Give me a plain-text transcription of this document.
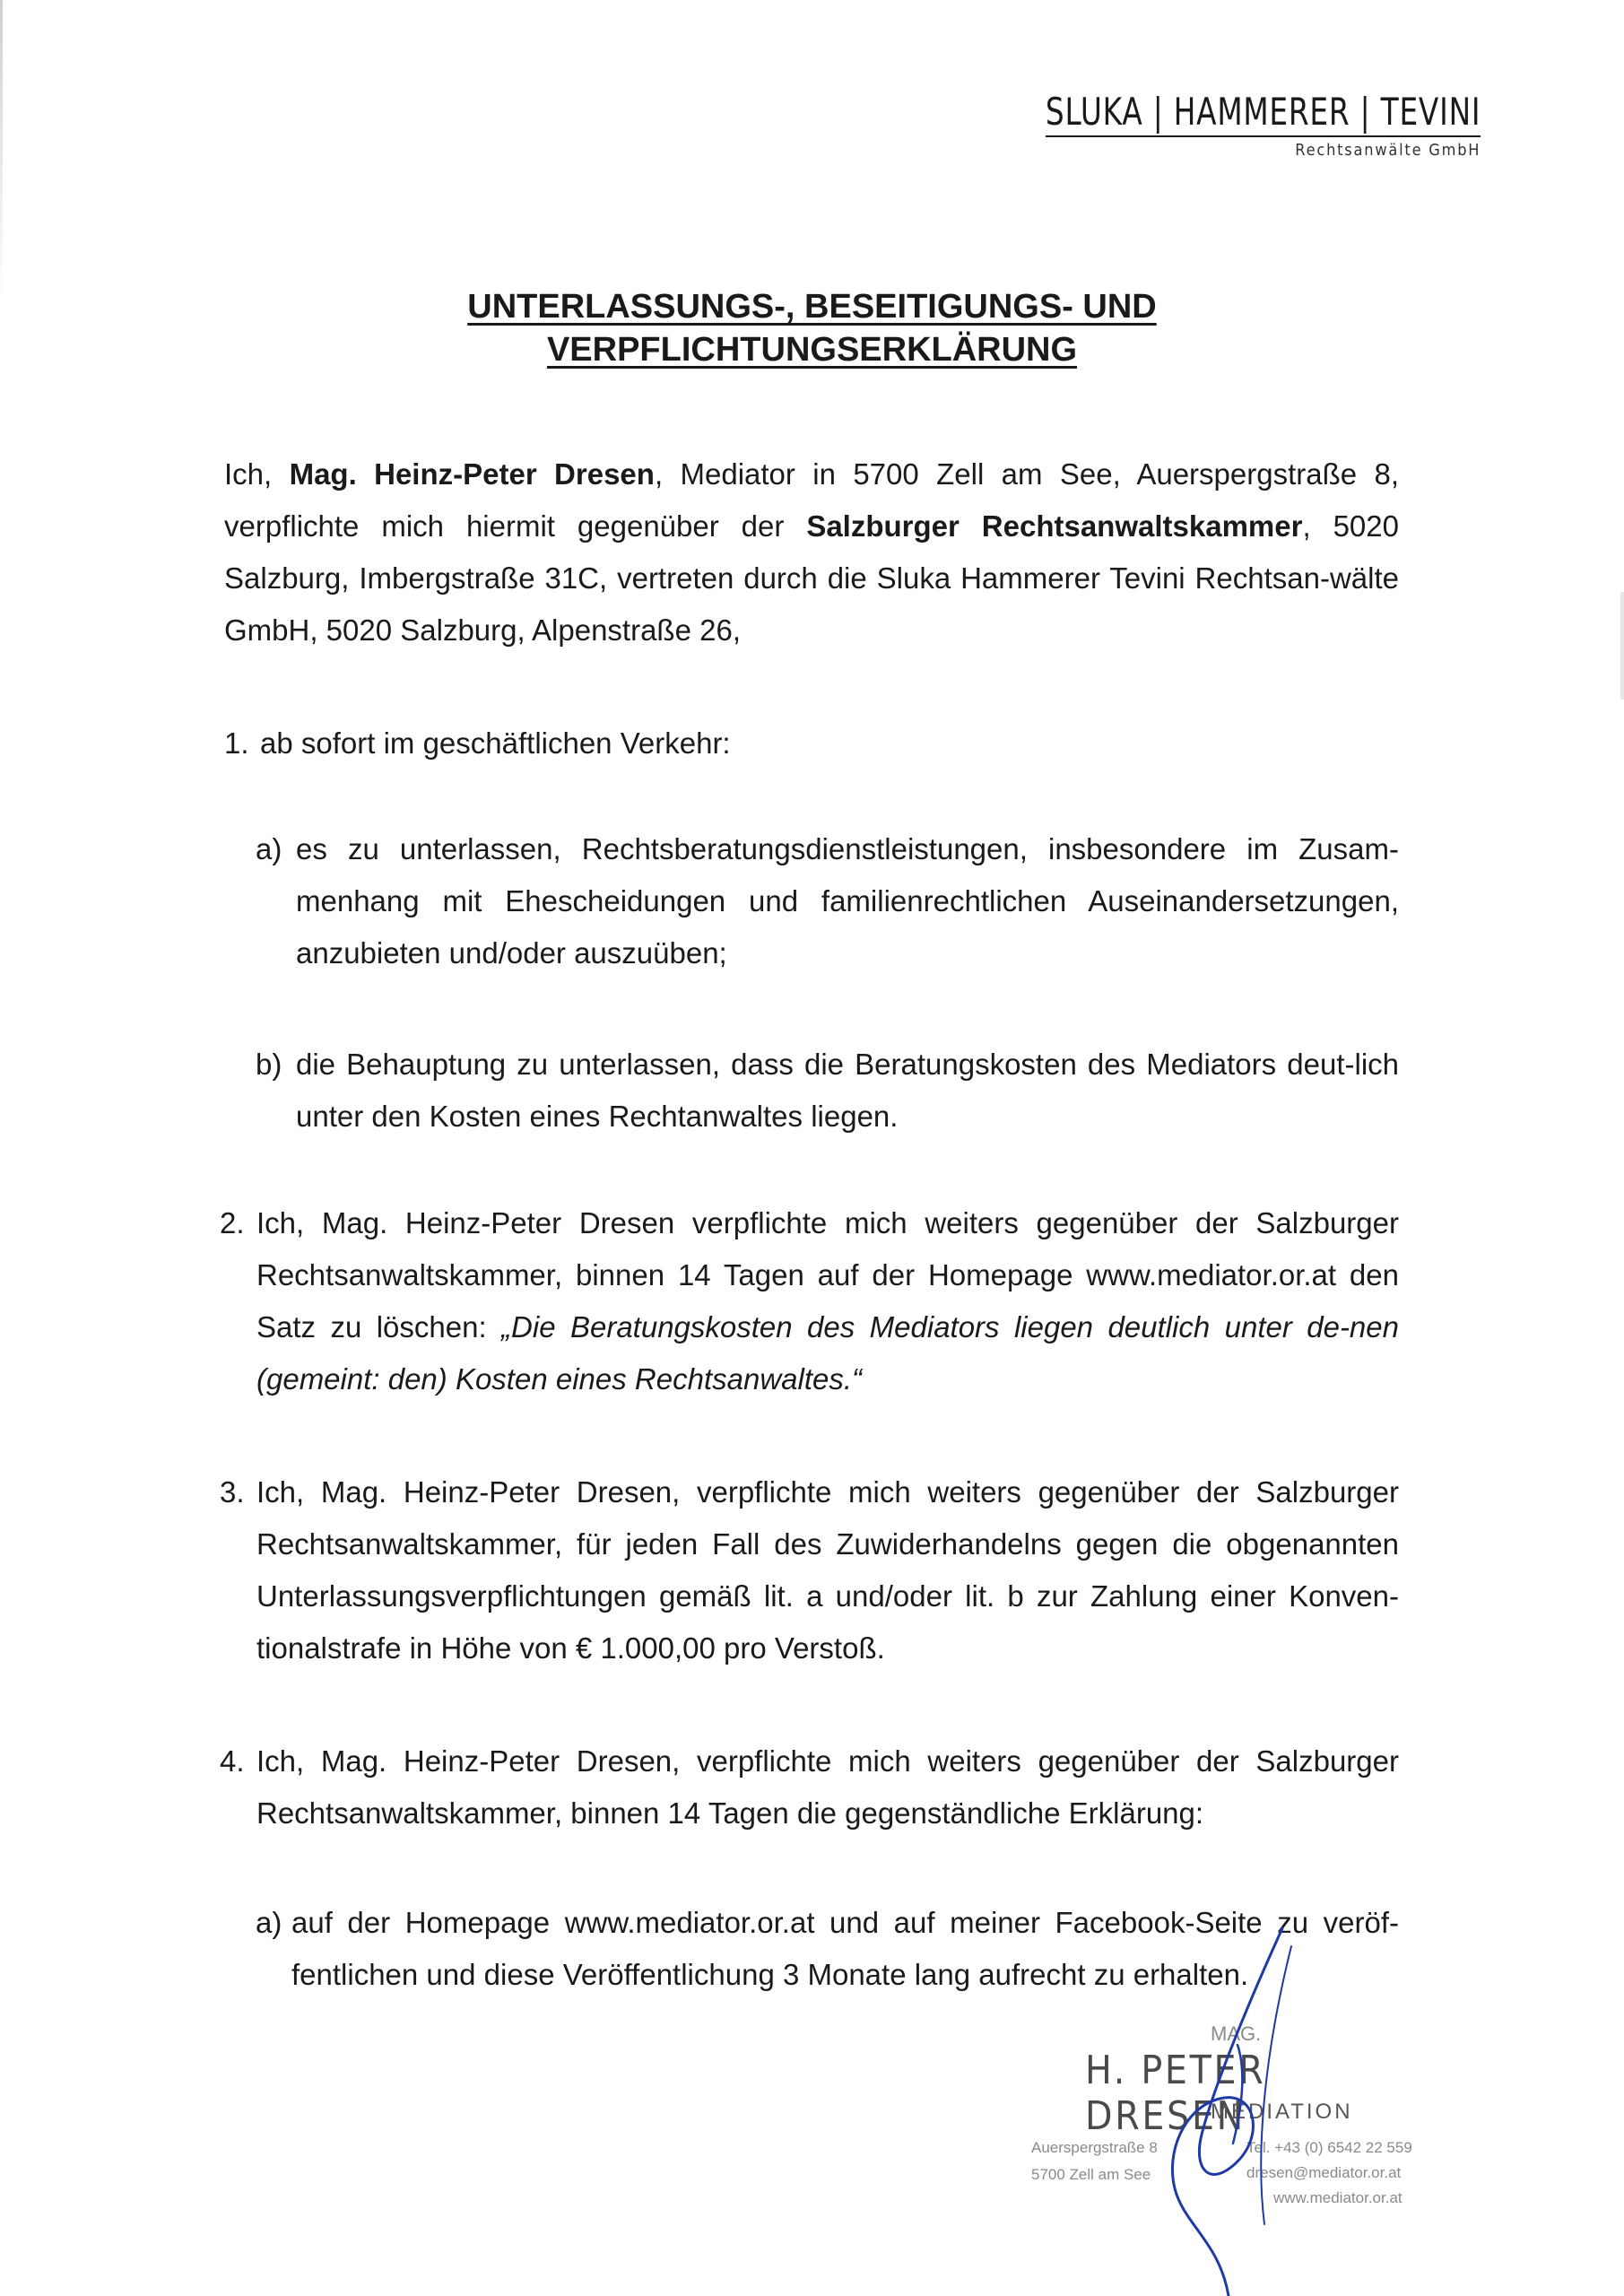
SLUKA | HAMMERER | TEVINI
Rechtsanwälte GmbH
UNTERLASSUNGS-, BESEITIGUNGS- UND
VERPFLICHTUNGSERKLÄRUNG
Ich, Mag. Heinz-Peter Dresen, Mediator in 5700 Zell am See, Auerspergstraße 8, verpflichte mich hiermit gegenüber der Salzburger Rechtsanwaltskammer, 5020 Salzburg, Imbergstraße 31C, vertreten durch die Sluka Hammerer Tevini Rechtsan-wälte GmbH, 5020 Salzburg, Alpenstraße 26,
1. ab sofort im geschäftlichen Verkehr:
a) es zu unterlassen, Rechtsberatungsdienstleistungen, insbesondere im Zusam-menhang mit Ehescheidungen und familienrechtlichen Auseinandersetzungen, anzubieten und/oder auszuüben;
b) die Behauptung zu unterlassen, dass die Beratungskosten des Mediators deut-lich unter den Kosten eines Rechtanwaltes liegen.
2. Ich, Mag. Heinz-Peter Dresen verpflichte mich weiters gegenüber der Salzburger Rechtsanwaltskammer, binnen 14 Tagen auf der Homepage www.mediator.or.at den Satz zu löschen: „Die Beratungskosten des Mediators liegen deutlich unter de-nen (gemeint: den) Kosten eines Rechtsanwaltes.“
3. Ich, Mag. Heinz-Peter Dresen, verpflichte mich weiters gegenüber der Salzburger Rechtsanwaltskammer, für jeden Fall des Zuwiderhandelns gegen die obgenannten Unterlassungsverpflichtungen gemäß lit. a und/oder lit. b zur Zahlung einer Konven-tionalstrafe in Höhe von € 1.000,00 pro Verstoß.
4. Ich, Mag. Heinz-Peter Dresen, verpflichte mich weiters gegenüber der Salzburger Rechtsanwaltskammer, binnen 14 Tagen die gegenständliche Erklärung:
a) auf der Homepage www.mediator.or.at und auf meiner Facebook-Seite zu veröf-fentlichen und diese Veröffentlichung 3 Monate lang aufrecht zu erhalten.
MAG.
H. PETER DRESEN
MEDIATION
Auerspergstraße 8
5700 Zell am See
Tel. +43 (0) 6542 22 559
dresen@mediator.or.at
www.mediator.or.at
